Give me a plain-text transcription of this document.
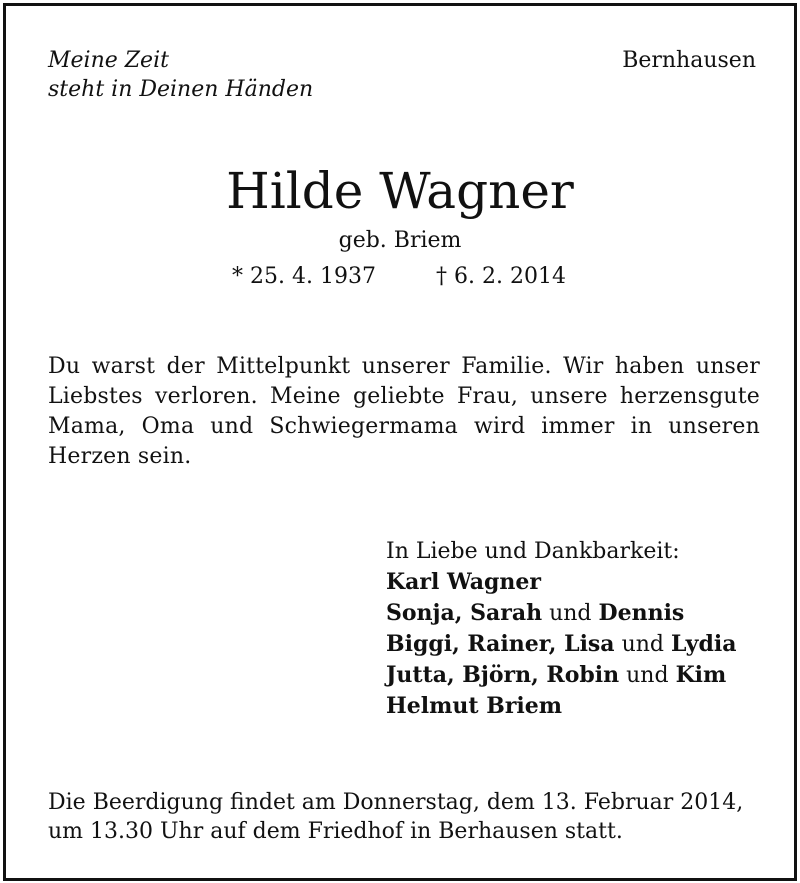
Meine Zeit
steht in Deinen Händen
Bernhausen
Hilde Wagner
geb. Briem
* 25. 4. 1937	† 6. 2. 2014
Du warst der Mittelpunkt unserer Familie. Wir haben unser Liebstes verloren. Meine geliebte Frau, unsere herzensgute Mama, Oma und Schwiegermama wird immer in unseren Herzen sein.
In Liebe und Dankbarkeit:
Karl Wagner
Sonja, Sarah und Dennis
Biggi, Rainer, Lisa und Lydia
Jutta, Björn, Robin und Kim
Helmut Briem
Die Beerdigung findet am Donnerstag, dem 13. Februar 2014,
um 13.30 Uhr auf dem Friedhof in Berhausen statt.
